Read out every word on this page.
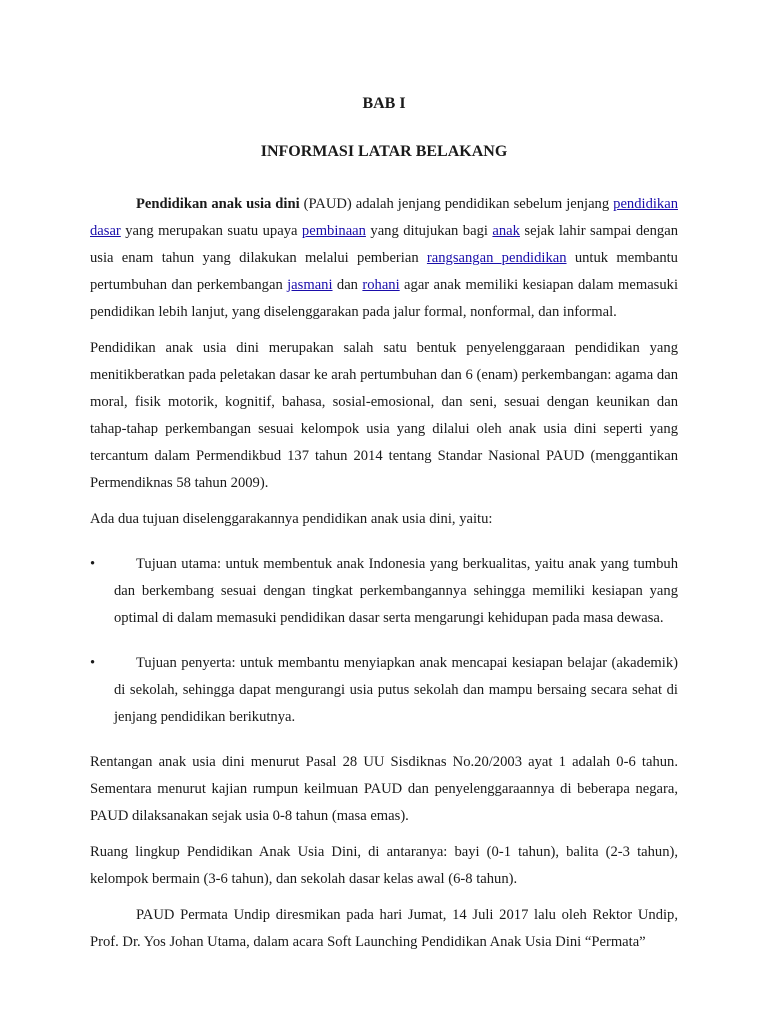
BAB I
INFORMASI LATAR BELAKANG

Pendidikan anak usia dini (PAUD) adalah jenjang pendidikan sebelum jenjang pendidikan dasar yang merupakan suatu upaya pembinaan yang ditujukan bagi anak sejak lahir sampai dengan usia enam tahun yang dilakukan melalui pemberian rangsangan pendidikan untuk membantu pertumbuhan dan perkembangan jasmani dan rohani agar anak memiliki kesiapan dalam memasuki pendidikan lebih lanjut, yang diselenggarakan pada jalur formal, nonformal, dan informal.

Pendidikan anak usia dini merupakan salah satu bentuk penyelenggaraan pendidikan yang menitikberatkan pada peletakan dasar ke arah pertumbuhan dan 6 (enam) perkembangan: agama dan moral, fisik motorik, kognitif, bahasa, sosial-emosional, dan seni, sesuai dengan keunikan dan tahap-tahap perkembangan sesuai kelompok usia yang dilalui oleh anak usia dini seperti yang tercantum dalam Permendikbud 137 tahun 2014 tentang Standar Nasional PAUD (menggantikan Permendiknas 58 tahun 2009).

Ada dua tujuan diselenggarakannya pendidikan anak usia dini, yaitu:

•	Tujuan utama: untuk membentuk anak Indonesia yang berkualitas, yaitu anak yang tumbuh dan berkembang sesuai dengan tingkat perkembangannya sehingga memiliki kesiapan yang optimal di dalam memasuki pendidikan dasar serta mengarungi kehidupan pada masa dewasa.

•	Tujuan penyerta: untuk membantu menyiapkan anak mencapai kesiapan belajar (akademik) di sekolah, sehingga dapat mengurangi usia putus sekolah dan mampu bersaing secara sehat di jenjang pendidikan berikutnya.

Rentangan anak usia dini menurut Pasal 28 UU Sisdiknas No.20/2003 ayat 1 adalah 0-6 tahun. Sementara menurut kajian rumpun keilmuan PAUD dan penyelenggaraannya di beberapa negara, PAUD dilaksanakan sejak usia 0-8 tahun (masa emas).

Ruang lingkup Pendidikan Anak Usia Dini, di antaranya: bayi (0-1 tahun), balita (2-3 tahun), kelompok bermain (3-6 tahun), dan sekolah dasar kelas awal (6-8 tahun).

PAUD Permata Undip diresmikan pada hari Jumat, 14 Juli 2017 lalu oleh Rektor Undip, Prof. Dr. Yos Johan Utama, dalam acara Soft Launching Pendidikan Anak Usia Dini “Permata”
